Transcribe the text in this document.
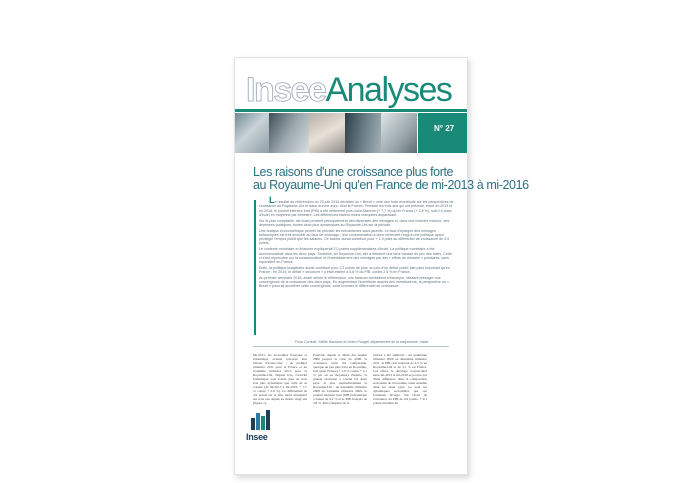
InseeAnalyses
N° 27
Les raisons d'une croissance plus forte
au Royaume-Uni qu'en France de mi-2013 à mi-2016

Le résultat du référendum du 23 juin 2016 décidant du « Brexit » crée une forte incertitude sur les perspectives de croissance au Royaume-Uni et dans la zone euro, dont la France. Pendant les trois ans qui ont précédé, entre mi-2013 et mi-2016, le produit intérieur brut (PIB) a été nettement plus outre-Manche (+ 7,7 %) qu'en France (+ 2,8 %), soit 0,4 point d'écart en moyenne par trimestre. Les différences étaient moins marquées auparavant.

Sur le plan comptable, cet écart provient principalement des dépenses des ménages et, dans une moindre mesure, des dépenses publiques, toutes deux plus dynamiques au Royaume-Uni sur la période.

Une analyse économétrique permet de préciser les mécanismes sous-jacents. Le taux d'épargne des ménages britanniques est très sensible au taux de chômage ; leur consommation a donc fortement réagi à une politique ayant privilégié l'emploi plutôt que les salaires. Ce facteur aurait contribué pour + 1,9 point au différentiel de croissance de 4,9 points.

Le contexte monétaire et financier expliquerait 2,0 points supplémentaires d'écart. La politique monétaire a été accommodante dans les deux pays. Toutefois, au Royaume-Uni, elle a entraîné une forte hausse du prix des actifs. Cette-ci s'est répercutée sur la consommation et l'investissement des ménages par des « effets de richesse » puissants, sans équivalent en France.

Enfin, la politique budgétaire aurait contribué pour 2,2 points de plus, au prix d'un déficit public bien plus important qu'en France : en 2015, le déficit « structurel » y était estimé à 5,8 % du PIB, contre 2,5 % en France.

Au premier semestre 2016, avant même le référendum, ces facteurs semblaient s'estomper, laissant présager une convergence de la croissance des deux pays. En augmentant l'incertitude auprès des investisseurs, la perspective du « Brexit » pourrait accélérer cette convergence, voire inverser le différentiel de croissance.

Flora Cornuet, Yaëlle Hauseux et Julien Pouget, département de la conjoncture, Insee

Mi-2013, les économies française et britannique avaient retrouvé leur niveau d'avant-crise : au premier trimestre 2011 pour la France et au troisième trimestre 2013 pour le Royaume-Uni. Depuis lors, l'activité britannique s'est avérée près de trois fois plus dynamique que celle de sa voisine (de mi-2013 à mi-2016, + 7,7 % contre + 2,8 %). Ce différentiel de 4,9 points est le plus élevé enregistré sur trois ans depuis au moins vingt ans (figure 1).

Pourtant, depuis le début des années 2000 jusqu'à la crise de 2008, la croissance avait été comparable, quoique un peu plus forte au Royaume-Uni qu'en France (+ 2,9 % contre + 2,1 % par an en moyenne). Ensuite, la grande récession a touché les deux pays, et plus particulièrement le Royaume-Uni : du deuxième trimestre 2008 au troisième trimestre 2009, le produit intérieur brut (PIB) britannique a baissé de 6,2 % et le PIB français de 3,8 %. Puis l'ampleur de la

reprise a été similaire : du quatrième trimestre 2009 au deuxième trimestre 2011, le PIB s'est redressé de 4,5 % au Royaume-Uni et de 3,1 % en France. Ces effets, le décalage conjoncturel entre mi-2013 et mi-2016 se prouve par d'une différence dans la composition sectorielle de l'économie, aussi sensible dans les deux pays. Ce sont les dynamiques sectorielles qui ont fortement divergé. Sur l'écart de croissance du PIB de 4,9 points, + 4,1 points résultent du

Insee
